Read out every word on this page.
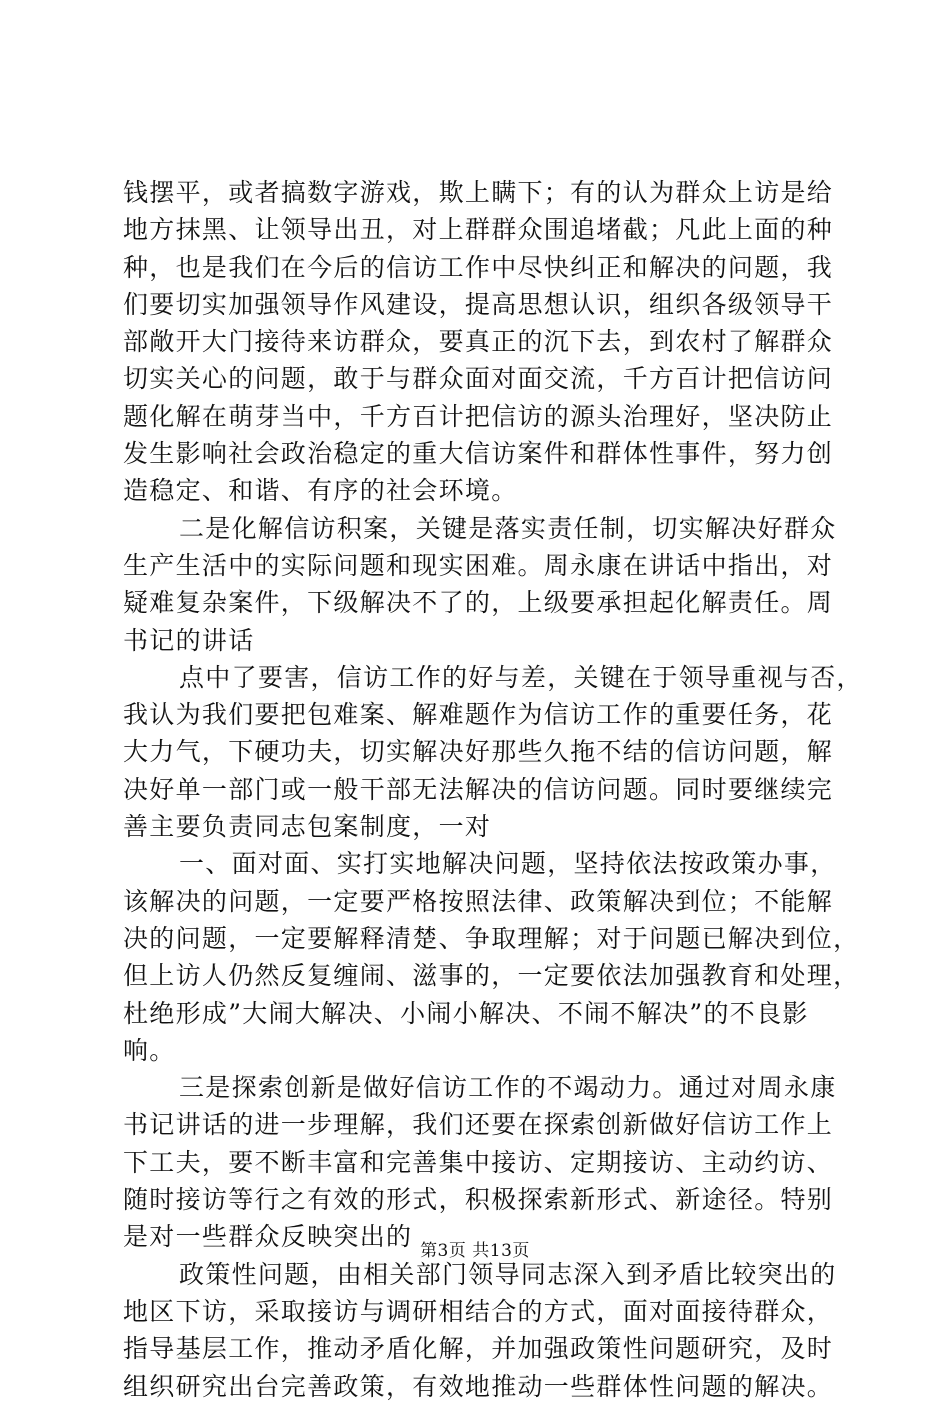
钱摆平，或者搞数字游戏，欺上瞒下；有的认为群众上访是给
地方抹黑、让领导出丑，对上群群众围追堵截；凡此上面的种
种，也是我们在今后的信访工作中尽快纠正和解决的问题，我
们要切实加强领导作风建设，提高思想认识，组织各级领导干
部敞开大门接待来访群众，要真正的沉下去，到农村了解群众
切实关心的问题，敢于与群众面对面交流，千方百计把信访问
题化解在萌芽当中，千方百计把信访的源头治理好，坚决防止
发生影响社会政治稳定的重大信访案件和群体性事件，努力创
造稳定、和谐、有序的社会环境。
二是化解信访积案，关键是落实责任制，切实解决好群众
生产生活中的实际问题和现实困难。周永康在讲话中指出，对
疑难复杂案件，下级解决不了的，上级要承担起化解责任。周
书记的讲话
点中了要害，信访工作的好与差，关键在于领导重视与否，
我认为我们要把包难案、解难题作为信访工作的重要任务，花
大力气，下硬功夫，切实解决好那些久拖不结的信访问题，解
决好单一部门或一般干部无法解决的信访问题。同时要继续完
善主要负责同志包案制度，一对
一、面对面、实打实地解决问题，坚持依法按政策办事，
该解决的问题，一定要严格按照法律、政策解决到位；不能解
决的问题，一定要解释清楚、争取理解；对于问题已解决到位，
但上访人仍然反复缠闹、滋事的，一定要依法加强教育和处理，
杜绝形成”大闹大解决、小闹小解决、不闹不解决”的不良影
响。
三是探索创新是做好信访工作的不竭动力。通过对周永康
书记讲话的进一步理解，我们还要在探索创新做好信访工作上
下工夫，要不断丰富和完善集中接访、定期接访、主动约访、
随时接访等行之有效的形式，积极探索新形式、新途径。特别
是对一些群众反映突出的
政策性问题，由相关部门领导同志深入到矛盾比较突出的
地区下访，采取接访与调研相结合的方式，面对面接待群众，
指导基层工作，推动矛盾化解，并加强政策性问题研究，及时
组织研究出台完善政策，有效地推动一些群体性问题的解决。
第3页 共13页
